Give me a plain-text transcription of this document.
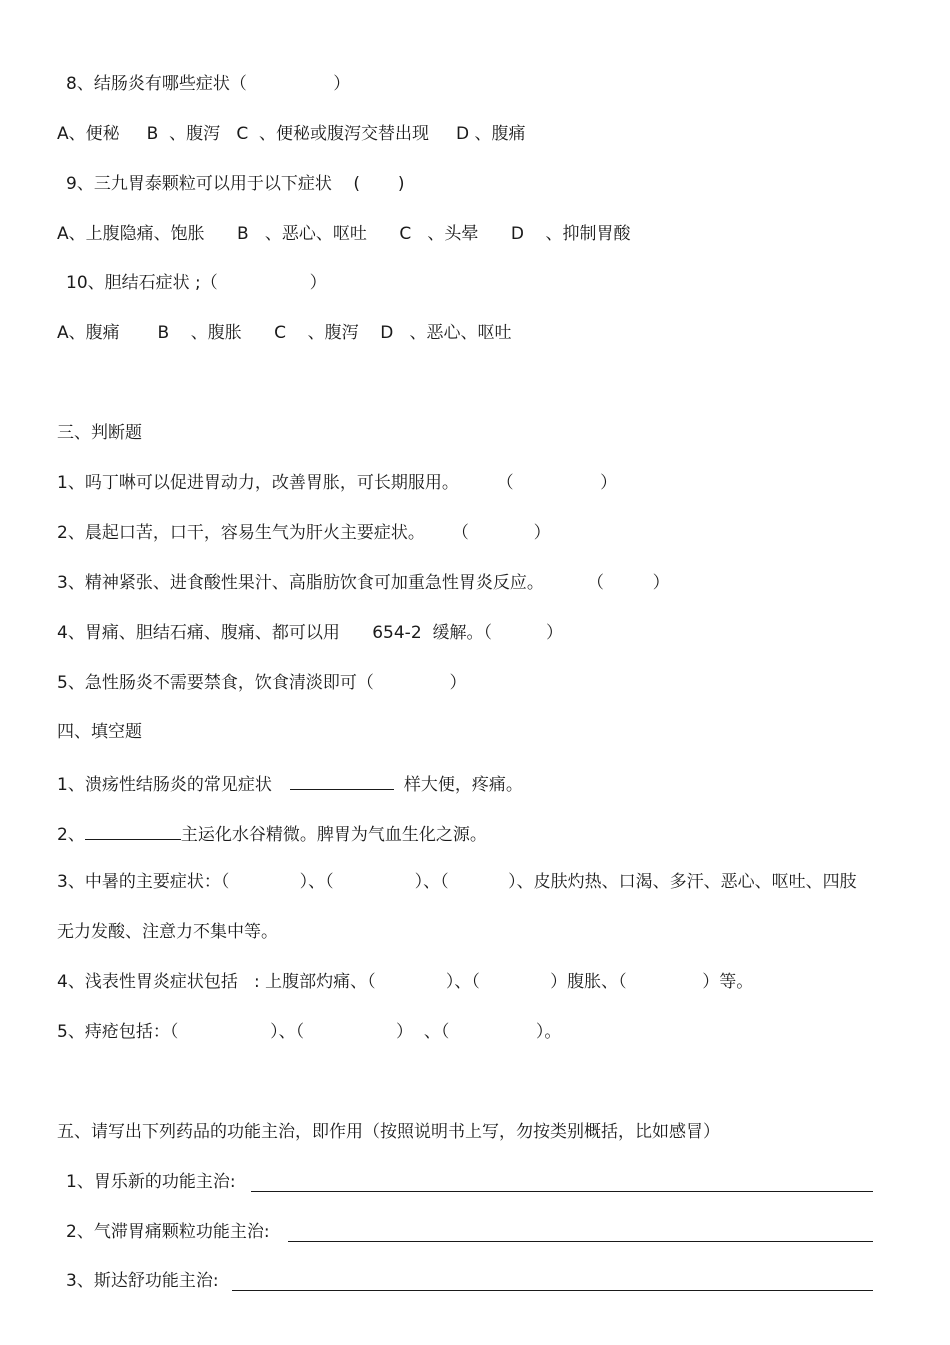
8、结肠炎有哪些症状（                ）
A、便秘     B  、腹泻   C  、便秘或腹泻交替出现     D 、腹痛
9、三九胃泰颗粒可以用于以下症状    (       )
A、上腹隐痛、饱胀      B   、恶心、呕吐      C   、头晕      D    、抑制胃酸
10、胆结石症状 ;（                 ）
A、腹痛       B    、腹胀      C    、腹泻    D   、恶心、呕吐
三、判断题
1、吗丁啉可以促进胃动力，改善胃胀，可长期服用。       （                ）
2、晨起口苦，口干，容易生气为肝火主要症状。     （            ）
3、精神紧张、进食酸性果汁、高脂肪饮食可加重急性胃炎反应。        （         ）
4、胃痛、胆结石痛、腹痛、都可以用      654-2  缓解。（          ）
5、急性肠炎不需要禁食，饮食清淡即可（              ）
四、填空题
1、溃疡性结肠炎的常见症状	样大便，疼痛。
2、	主运化水谷精微。脾胃为气血生化之源。
3、中暑的主要症状：（             ）、（               ）、（           ）、皮肤灼热、口渴、多汗、恶心、呕吐、四肢
无力发酸、注意力不集中等。
4、浅表性胃炎症状包括   : 上腹部灼痛、（             ）、（             ）腹胀、（              ）等。
5、痔疮包括：（                 ）、（                 ）  、（                ）。
五、请写出下列药品的功能主治，即作用（按照说明书上写，勿按类别概括，比如感冒）
1、胃乐新的功能主治:
2、气滞胃痛颗粒功能主治:
3、斯达舒功能主治:
